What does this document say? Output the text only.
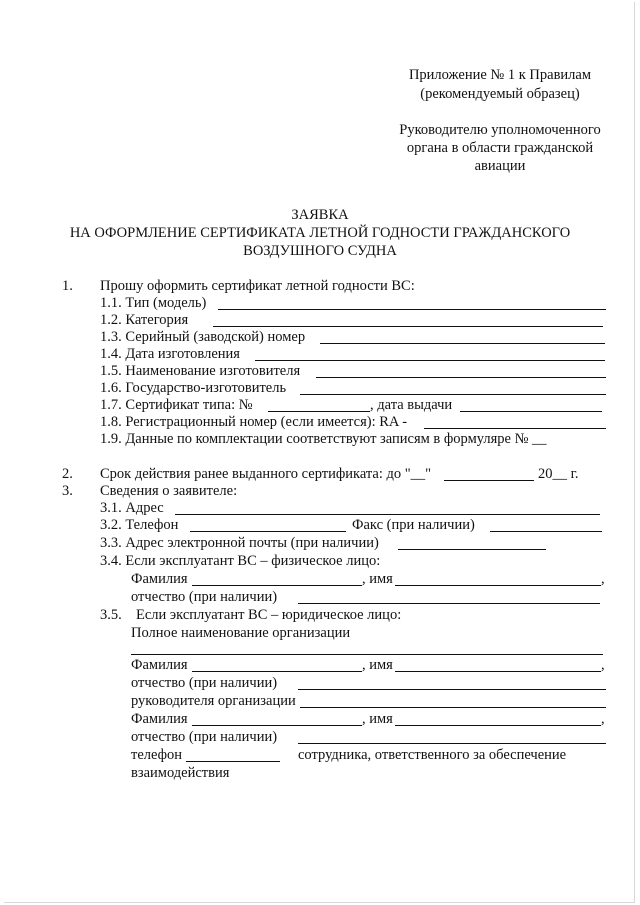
Приложение № 1 к Правилам
(рекомендуемый образец)
Руководителю уполномоченного
органа в области гражданской
авиации
ЗАЯВКА
НА ОФОРМЛЕНИЕ СЕРТИФИКАТА ЛЕТНОЙ ГОДНОСТИ ГРАЖДАНСКОГО
ВОЗДУШНОГО СУДНА
1. Прошу оформить сертификат летной годности ВС:
1.1. Тип (модель)
1.2. Категория
1.3. Серийный (заводской) номер
1.4. Дата изготовления
1.5. Наименование изготовителя
1.6. Государство-изготовитель
1.7. Сертификат типа: №	, дата выдачи
1.8. Регистрационный номер (если имеется): RA -
1.9. Данные по комплектации соответствуют записям в формуляре № __
2. Срок действия ранее выданного сертификата: до "__"	20__ г.
3. Сведения о заявителе:
3.1. Адрес
3.2. Телефон	Факс (при наличии)
3.3. Адрес электронной почты (при наличии)
3.4. Если эксплуатант ВС – физическое лицо:
Фамилия	, имя	,
отчество (при наличии)
3.5. Если эксплуатант ВС – юридическое лицо:
Полное наименование организации
Фамилия	, имя	,
отчество (при наличии)
руководителя организации
Фамилия	, имя	,
отчество (при наличии)
телефон	сотрудника, ответственного за обеспечение
взаимодействия
